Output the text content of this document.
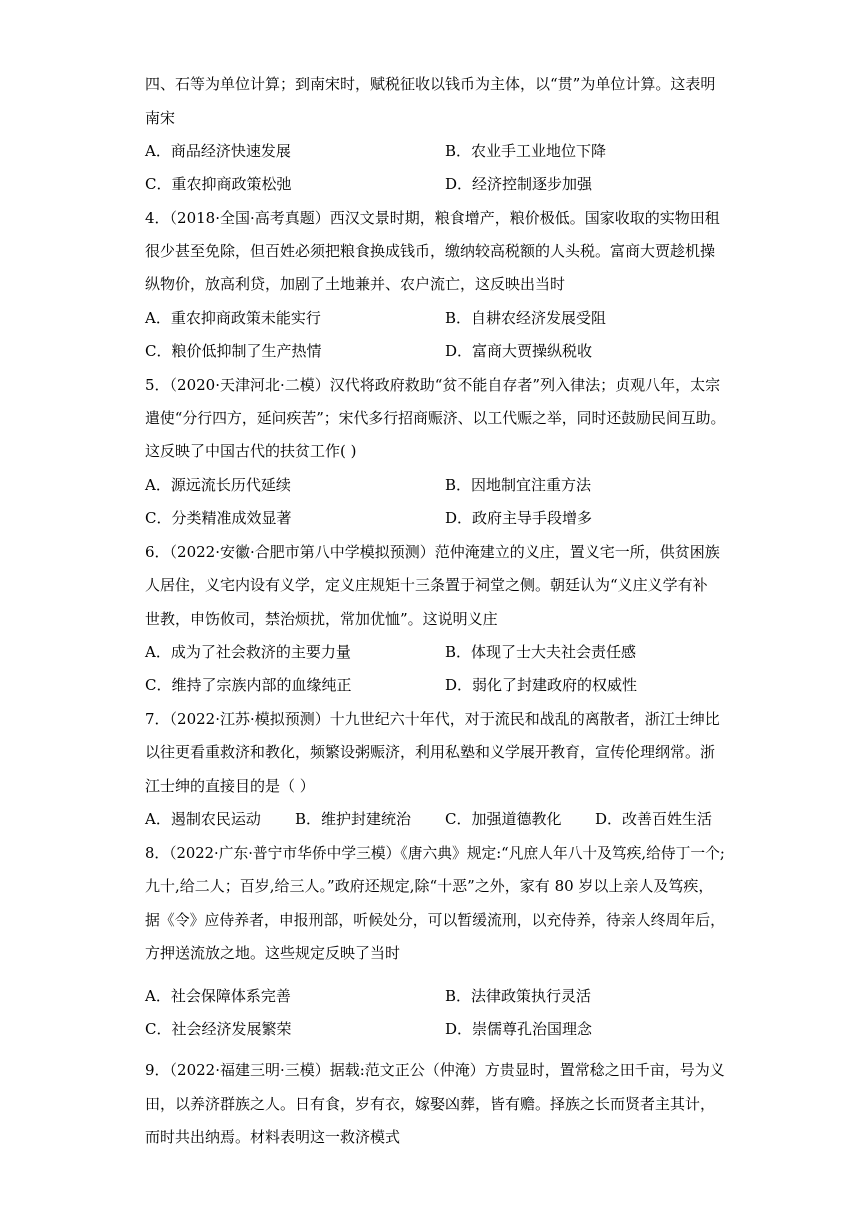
四、石等为单位计算；到南宋时，赋税征收以钱币为主体，以“贯”为单位计算。这表明
南宋
A．商品经济快速发展	B．农业手工业地位下降
C．重农抑商政策松弛	D．经济控制逐步加强
4．（2018·全国·高考真题）西汉文景时期，粮食增产，粮价极低。国家收取的实物田租
很少甚至免除，但百姓必须把粮食换成钱币，缴纳较高税额的人头税。富商大贾趁机操
纵物价，放高利贷，加剧了土地兼并、农户流亡，这反映出当时
A．重农抑商政策未能实行	B．自耕农经济发展受阻
C．粮价低抑制了生产热情	D．富商大贾操纵税收
5．（2020·天津河北·二模）汉代将政府救助“贫不能自存者”列入律法；贞观八年，太宗
遣使“分行四方，延问疾苦”；宋代多行招商赈济、以工代赈之举，同时还鼓励民间互助。
这反映了中国古代的扶贫工作( )
A．源远流长历代延续	B．因地制宜注重方法
C．分类精准成效显著	D．政府主导手段增多
6．（2022·安徽·合肥市第八中学模拟预测）范仲淹建立的义庄，置义宅一所，供贫困族
人居住，义宅内设有义学，定义庄规矩十三条置于祠堂之侧。朝廷认为“义庄义学有补
世教，申饬攸司，禁治烦扰，常加优恤”。这说明义庄
A．成为了社会救济的主要力量	B．体现了士大夫社会责任感
C．维持了宗族内部的血缘纯正	D．弱化了封建政府的权威性
7．（2022·江苏·模拟预测）十九世纪六十年代，对于流民和战乱的离散者，浙江士绅比
以往更看重救济和教化，频繁设粥赈济，利用私塾和义学展开教育，宣传伦理纲常。浙
江士绅的直接目的是（ ）
A．遏制农民运动 B．维护封建统治 C．加强道德教化 D．改善百姓生活
8．（2022·广东·普宁市华侨中学三模）《唐六典》规定:“凡庶人年八十及笃疾,给侍丁一个;
九十,给二人；百岁,给三人。”政府还规定,除“十恶”之外，家有 80 岁以上亲人及笃疾，
据《令》应侍养者，申报刑部，听候处分，可以暂缓流刑，以充侍养，待亲人终周年后，
方押送流放之地。这些规定反映了当时
A．社会保障体系完善	B．法律政策执行灵活
C．社会经济发展繁荣	D．崇儒尊孔治国理念
9．（2022·福建三明·三模）据载:范文正公（仲淹）方贵显时，置常稔之田千亩，号为义
田，以养济群族之人。日有食，岁有衣，嫁娶凶葬，皆有赡。择族之长而贤者主其计，
而时共出纳焉。材料表明这一救济模式
